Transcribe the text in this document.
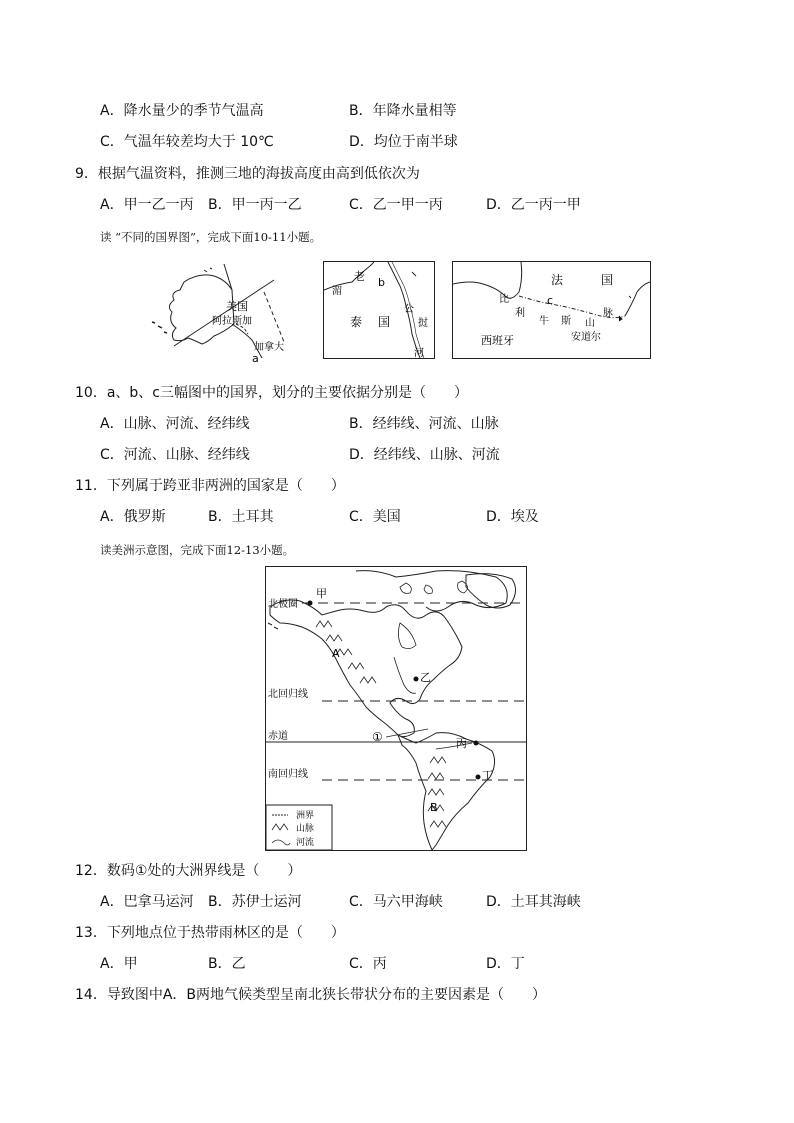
A．降水量少的季节气温高	B．年降水量相等
C．气温年较差均大于 10℃	D．均位于南半球
9．根据气温资料，推测三地的海拔高度由高到低依次为
A．甲一乙一丙 B．甲一丙一乙	C．乙一甲一丙	D．乙一丙一甲
读 “不同的国界图”，完成下面10-11小题。
美国
阿拉斯加
加拿大
a
老 b
湄
泰 国
公
挝
河
法	国
比
利
c
牛 斯 山
脉
西班牙	安道尔
10．a、b、c三幅图中的国界，划分的主要依据分别是（　　）
A．山脉、河流、经纬线	B．经纬线、河流、山脉
C．河流、山脉、经纬线	D．经纬线、山脉、河流
11．下列属于跨亚非两洲的国家是（　　）
A．俄罗斯	B．土耳其	C．美国	D．埃及
读美洲示意图，完成下面12-13小题。
北极圈
北回归线
赤道
南回归线
甲
乙
丙
丁
A
B
①
洲界
山脉
河流
12．数码①处的大洲界线是（　　）
A．巴拿马运河 B．苏伊士运河	C．马六甲海峡	D．土耳其海峡
13．下列地点位于热带雨林区的是（　　）
A．甲	B．乙	C．丙	D．丁
14．导致图中A．B两地气候类型呈南北狭长带状分布的主要因素是（　　）
